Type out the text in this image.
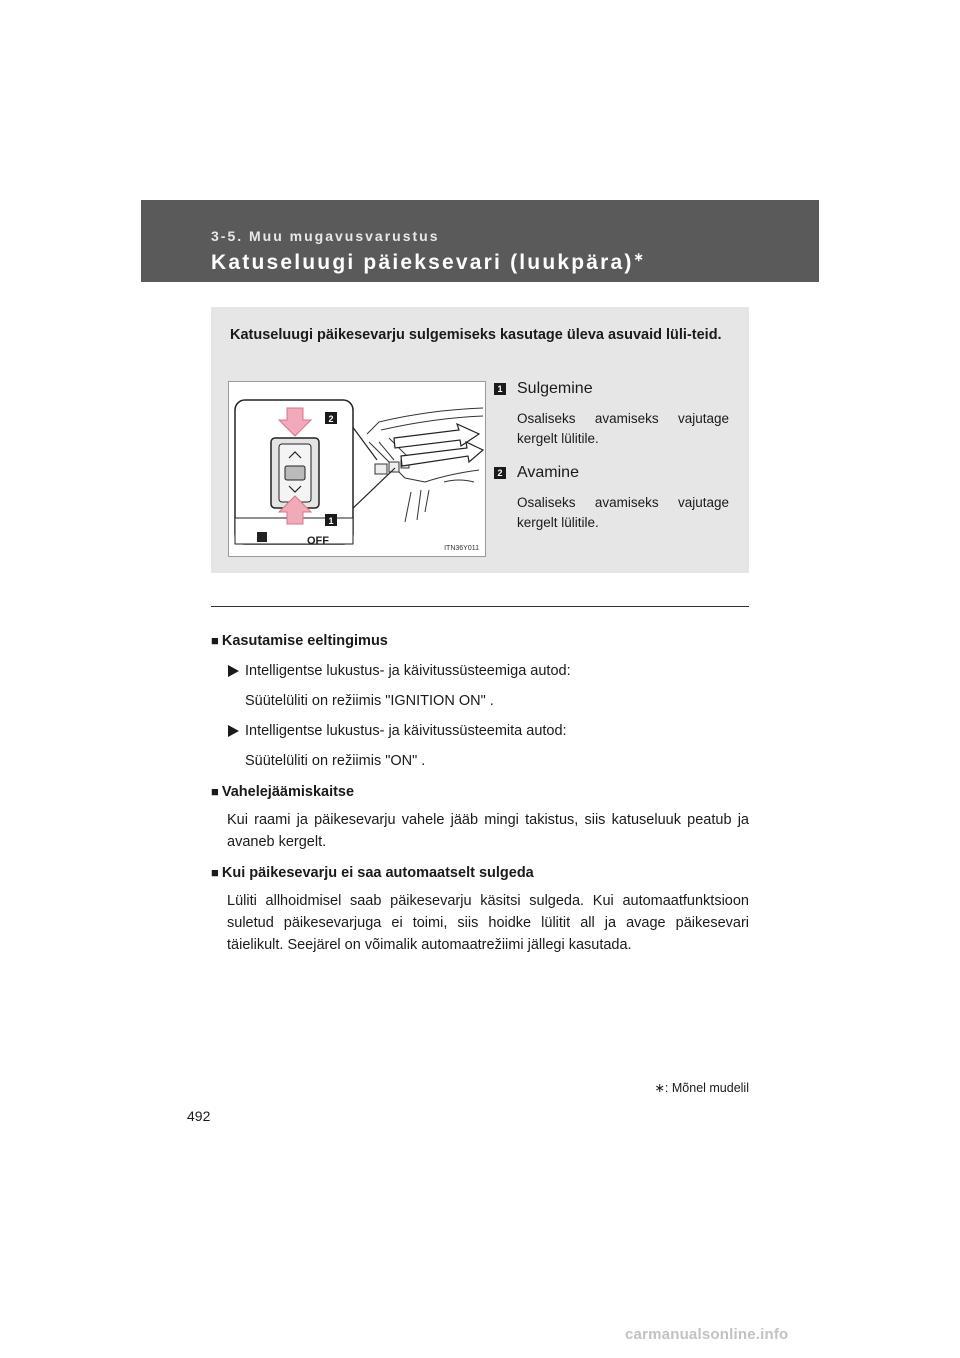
3-5. Muu mugavusvarustus
Katuseluugi päieksevari (luukpära)∗
Katuseluugi päikesevarju sulgemiseks kasutage üleva asuvaid lüli-teid.
2
1
OFF
ITN36Y011
1 Sulgemine
Osaliseks avamiseks vajutage kergelt lülitile.
2 Avamine
Osaliseks avamiseks vajutage kergelt lülitile.
■ Kasutamise eeltingimus
Intelligentse lukustus- ja käivitussüsteemiga autod:
Süütelüliti on režiimis "IGNITION ON" .
Intelligentse lukustus- ja käivitussüsteemita autod:
Süütelüliti on režiimis "ON" .
■ Vahelejäämiskaitse
Kui raami ja päikesevarju vahele jääb mingi takistus, siis katuseluuk peatub ja avaneb kergelt.
■ Kui päikesevarju ei saa automaatselt sulgeda
Lüliti allhoidmisel saab päikesevarju käsitsi sulgeda. Kui automaatfunktsioon suletud päikesevarjuga ei toimi, siis hoidke lülitit all ja avage päikesevari täielikult. Seejärel on võimalik automaatrežiimi jällegi kasutada.
∗: Mõnel mudelil
492
carmanualsonline.info
